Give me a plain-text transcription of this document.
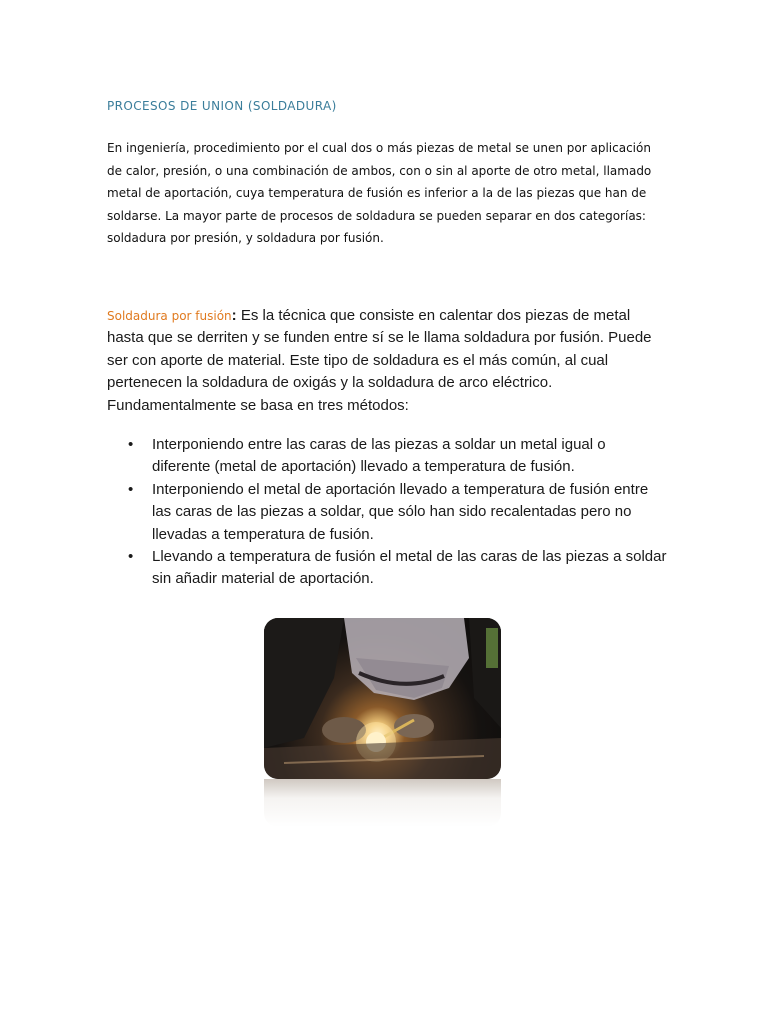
PROCESOS DE UNION (SOLDADURA)

En ingeniería, procedimiento por el cual dos o más piezas de metal se unen por aplicación de calor, presión, o una combinación de ambos, con o sin al aporte de otro metal, llamado metal de aportación, cuya temperatura de fusión es inferior a la de las piezas que han de soldarse. La mayor parte de procesos de soldadura se pueden separar en dos categorías: soldadura por presión, y soldadura por fusión.

Soldadura por fusión: Es la técnica que consiste en calentar dos piezas de metal hasta que se derriten y se funden entre sí se le llama soldadura por fusión. Puede ser con aporte de material. Este tipo de soldadura es el más común, al cual pertenecen la soldadura de oxigás y la soldadura de arco eléctrico. Fundamentalmente se basa en tres métodos:

• Interponiendo entre las caras de las piezas a soldar un metal igual o diferente (metal de aportación) llevado a temperatura de fusión.
• Interponiendo el metal de aportación llevado a temperatura de fusión entre las caras de las piezas a soldar, que sólo han sido recalentadas pero no llevadas a temperatura de fusión.
• Llevando a temperatura de fusión el metal de las caras de las piezas a soldar sin añadir material de aportación.
